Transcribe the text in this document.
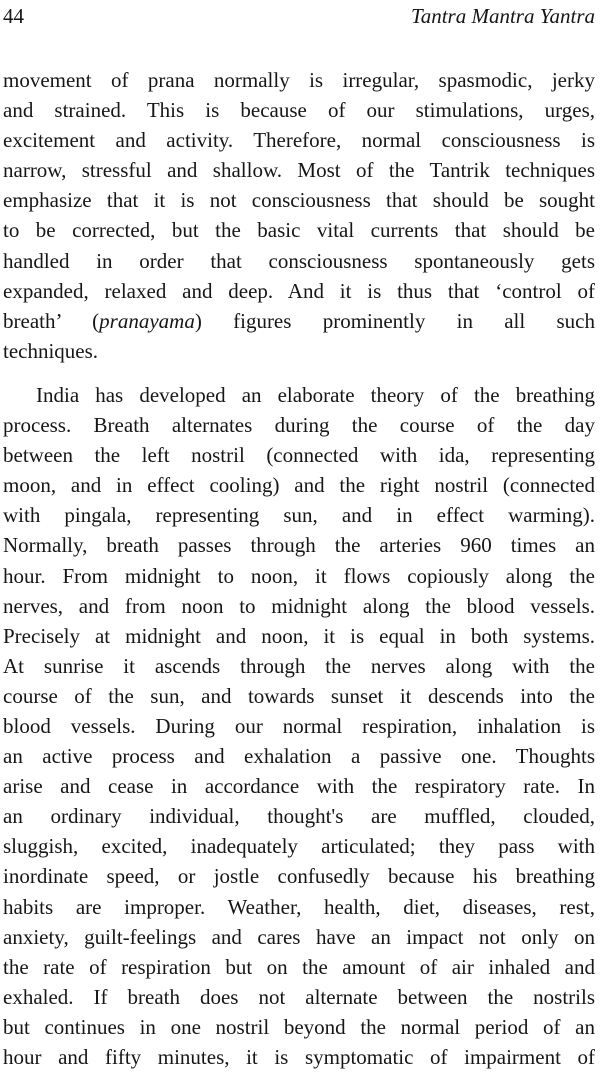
44	Tantra Mantra Yantra

movement of prana normally is irregular, spasmodic, jerky
and strained. This is because of our stimulations, urges,
excitement and activity. Therefore, normal consciousness is
narrow, stressful and shallow. Most of the Tantrik techniques
emphasize that it is not consciousness that should be sought
to be corrected, but the basic vital currents that should be
handled in order that consciousness spontaneously gets
expanded, relaxed and deep. And it is thus that ‘control of
breath’ (pranayama) figures prominently in all such
techniques.

India has developed an elaborate theory of the breathing
process. Breath alternates during the course of the day
between the left nostril (connected with ida, representing
moon, and in effect cooling) and the right nostril (connected
with pingala, representing sun, and in effect warming).
Normally, breath passes through the arteries 960 times an
hour. From midnight to noon, it flows copiously along the
nerves, and from noon to midnight along the blood vessels.
Precisely at midnight and noon, it is equal in both systems.
At sunrise it ascends through the nerves along with the
course of the sun, and towards sunset it descends into the
blood vessels. During our normal respiration, inhalation is
an active process and exhalation a passive one. Thoughts
arise and cease in accordance with the respiratory rate. In
an ordinary individual, thought's are muffled, clouded,
sluggish, excited, inadequately articulated; they pass with
inordinate speed, or jostle confusedly because his breathing
habits are improper. Weather, health, diet, diseases, rest,
anxiety, guilt-feelings and cares have an impact not only on
the rate of respiration but on the amount of air inhaled and
exhaled. If breath does not alternate between the nostrils
but continues in one nostril beyond the normal period of an
hour and fifty minutes, it is symptomatic of impairment of
